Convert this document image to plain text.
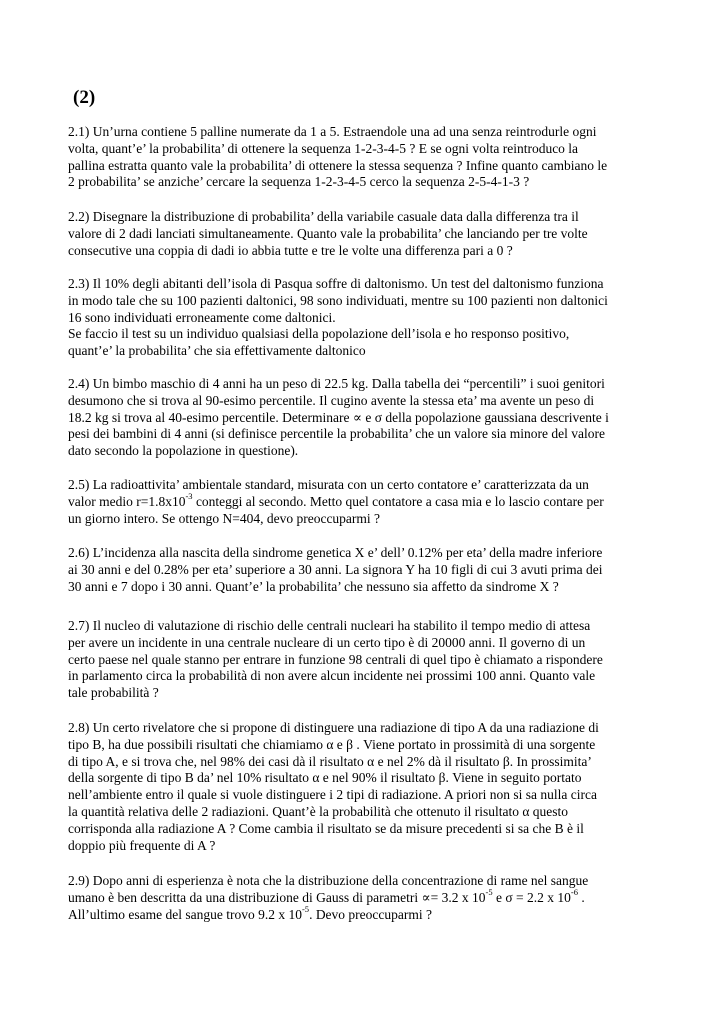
(2)

2.1) Un’urna contiene 5 palline numerate da 1 a 5. Estraendole una ad una senza reintrodurle ogni
volta, quant’e’ la probabilita’ di ottenere la sequenza 1-2-3-4-5 ? E se ogni volta reintroduco la
pallina estratta quanto vale la probabilita’ di ottenere la stessa sequenza ? Infine quanto cambiano le
2 probabilita’ se anziche’ cercare la sequenza 1-2-3-4-5 cerco la sequenza 2-5-4-1-3 ?

2.2) Disegnare la distribuzione di probabilita’ della variabile casuale data dalla differenza tra il
valore di 2 dadi lanciati simultaneamente. Quanto vale la probabilita’ che lanciando per tre volte
consecutive una coppia di dadi io abbia tutte e tre le volte una differenza pari a 0 ?

2.3) Il 10% degli abitanti dell’isola di Pasqua soffre di daltonismo. Un test del daltonismo funziona
in modo tale che su 100 pazienti daltonici, 98 sono individuati, mentre su 100 pazienti non daltonici
16 sono individuati erroneamente come daltonici.
Se faccio il test su un individuo qualsiasi della popolazione dell’isola e ho responso positivo,
quant’e’ la probabilita’ che sia effettivamente daltonico

2.4) Un bimbo maschio di 4 anni ha un peso di 22.5 kg. Dalla tabella dei “percentili” i suoi genitori
desumono che si trova al 90-esimo percentile. Il cugino avente la stessa eta’ ma avente un peso di
18.2 kg si trova al 40-esimo percentile. Determinare ∝ e σ della popolazione gaussiana descrivente i
pesi dei bambini di 4 anni (si definisce percentile la probabilita’ che un valore sia minore del valore
dato secondo la popolazione in questione).

2.5) La radioattivita’ ambientale standard, misurata con un certo contatore e’ caratterizzata da un
valor medio $r=1.8x10^{-3}$ conteggi al secondo. Metto quel contatore a casa mia e lo lascio contare per
un giorno intero. Se ottengo N=404, devo preoccuparmi ?

2.6) L’incidenza alla nascita della sindrome genetica X e’ dell’ 0.12% per eta’ della madre inferiore
ai 30 anni e del 0.28% per eta’ superiore a 30 anni. La signora Y ha 10 figli di cui 3 avuti prima dei
30 anni e 7 dopo i 30 anni. Quant’e’ la probabilita’ che nessuno sia affetto da sindrome X ?

2.7) Il nucleo di valutazione di rischio delle centrali nucleari ha stabilito il tempo medio di attesa
per avere un incidente in una centrale nucleare di un certo tipo è di 20000 anni. Il governo di un
certo paese nel quale stanno per entrare in funzione 98 centrali di quel tipo è chiamato a rispondere
in parlamento circa la probabilità di non avere alcun incidente nei prossimi 100 anni. Quanto vale
tale probabilità ?

2.8) Un certo rivelatore che si propone di distinguere una radiazione di tipo A da una radiazione di
tipo B, ha due possibili risultati che chiamiamo α e β . Viene portato in prossimità di una sorgente
di tipo A, e si trova che, nel 98% dei casi dà il risultato α e nel 2% dà il risultato β. In prossimita’
della sorgente di tipo B da’ nel 10% risultato α e nel 90% il risultato β. Viene in seguito portato
nell’ambiente entro il quale si vuole distinguere i 2 tipi di radiazione. A priori non si sa nulla circa
la quantità relativa delle 2 radiazioni. Quant’è la probabilità che ottenuto il risultato α questo
corrisponda alla radiazione A ? Come cambia il risultato se da misure precedenti si sa che B è il
doppio più frequente di A ?

2.9) Dopo anni di esperienza è nota che la distribuzione della concentrazione di rame nel sangue
umano è ben descritta da una distribuzione di Gauss di parametri ∝= 3.2 x $10^{-5}$ e σ = 2.2 x $10^{-6}$ .
All’ultimo esame del sangue trovo 9.2 x $10^{-5}$. Devo preoccuparmi ?
